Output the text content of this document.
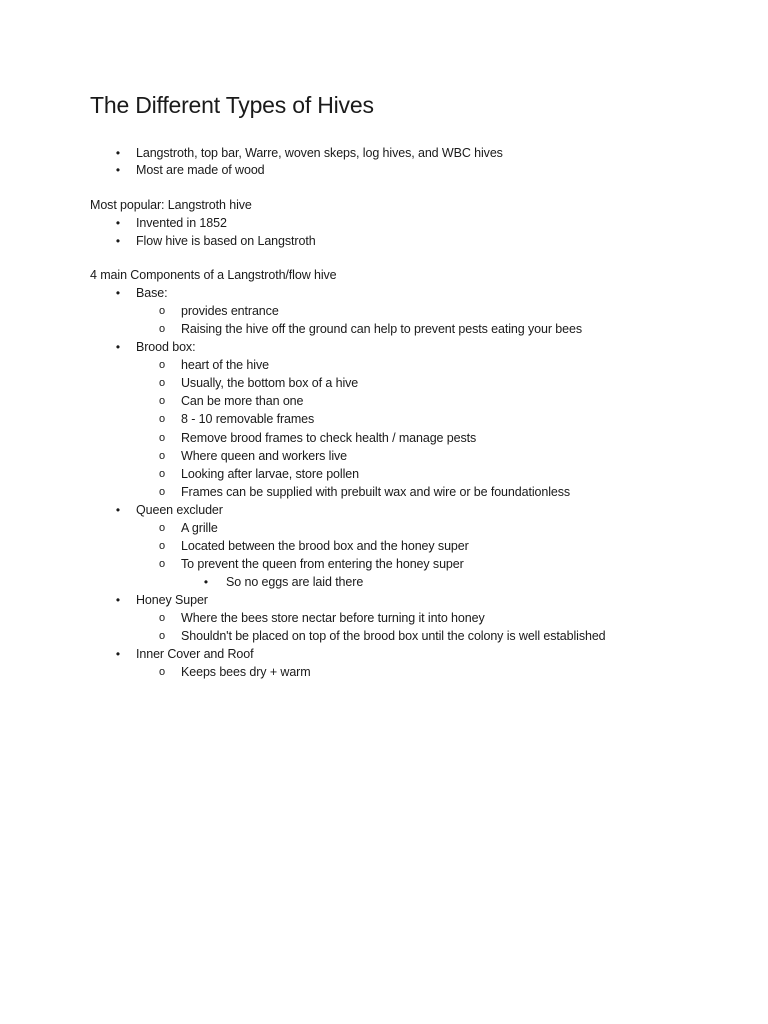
The Different Types of Hives
•	Langstroth, top bar, Warre, woven skeps, log hives, and WBC hives
•	Most are made of wood
Most popular: Langstroth hive
•	Invented in 1852
•	Flow hive is based on Langstroth
4 main Components of a Langstroth/flow hive
•	Base:
o provides entrance
o Raising the hive off the ground can help to prevent pests eating your bees
•	Brood box:
o heart of the hive
o Usually, the bottom box of a hive
o Can be more than one
o 8 - 10 removable frames
o Remove brood frames to check health / manage pests
o Where queen and workers live
o Looking after larvae, store pollen
o Frames can be supplied with prebuilt wax and wire or be foundationless
•	Queen excluder
o A grille
o Located between the brood box and the honey super
o To prevent the queen from entering the honey super
•	So no eggs are laid there
•	Honey Super
o Where the bees store nectar before turning it into honey
o Shouldn't be placed on top of the brood box until the colony is well established
•	Inner Cover and Roof
o Keeps bees dry + warm
